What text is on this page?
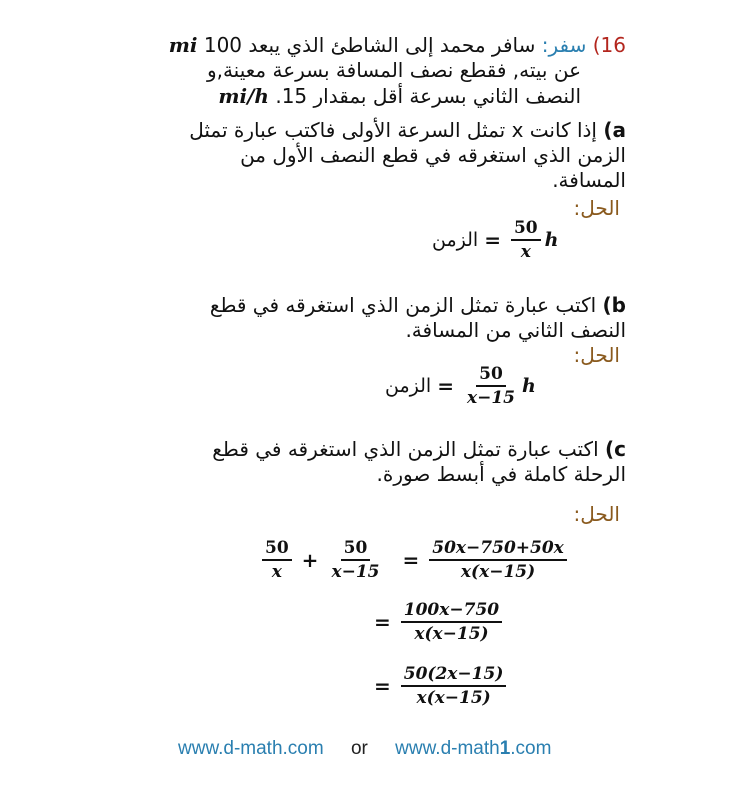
16) سفر: سافر محمد إلى الشاطئ الذي يبعد 100 mi
عن بيته, فقطع نصف المسافة بسرعة معينة,و
النصف الثاني بسرعة أقل بمقدار 15. mi/h
a) إذا كانت x تمثل السرعة الأولى فاكتب عبارة تمثل الزمن الذي استغرقه في قطع النصف الأول من المسافة.
الحل:
الزمن = $\frac{50}{x}$ h
b) اكتب عبارة تمثل الزمن الذي استغرقه في قطع النصف الثاني من المسافة.
الحل:
الزمن = $\frac{50}{x-15}$ h
c) اكتب عبارة تمثل الزمن الذي استغرقه في قطع الرحلة كاملة في أبسط صورة.
الحل:
$\frac{50}{x} + \frac{50}{x-15} = \frac{50x-750+50x}{x(x-15)}$
= $\frac{100x-750}{x(x-15)}$
= $\frac{50(2x-15)}{x(x-15)}$
www.d-math.com or www.d-math1.com
